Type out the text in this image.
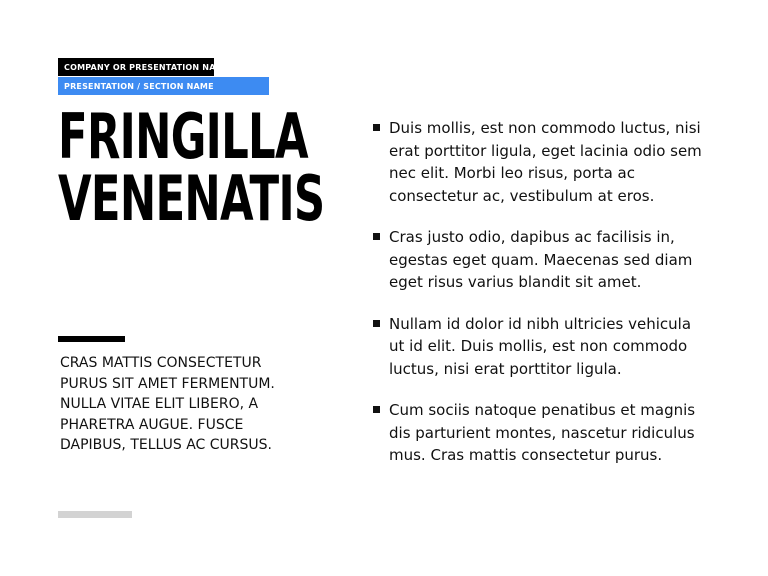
COMPANY OR PRESENTATION NAME
PRESENTATION / SECTION NAME
FRINGILLA
VENENATIS

CRAS MATTIS CONSECTETUR PURUS SIT AMET FERMENTUM. NULLA VITAE ELIT LIBERO, A PHARETRA AUGUE. FUSCE DAPIBUS, TELLUS AC CURSUS.

Duis mollis, est non commodo luctus, nisi erat porttitor ligula, eget lacinia odio sem nec elit. Morbi leo risus, porta ac consectetur ac, vestibulum at eros.
Cras justo odio, dapibus ac facilisis in, egestas eget quam. Maecenas sed diam eget risus varius blandit sit amet.
Nullam id dolor id nibh ultricies vehicula ut id elit. Duis mollis, est non commodo luctus, nisi erat porttitor ligula.
Cum sociis natoque penatibus et magnis dis parturient montes, nascetur ridiculus mus. Cras mattis consectetur purus.
